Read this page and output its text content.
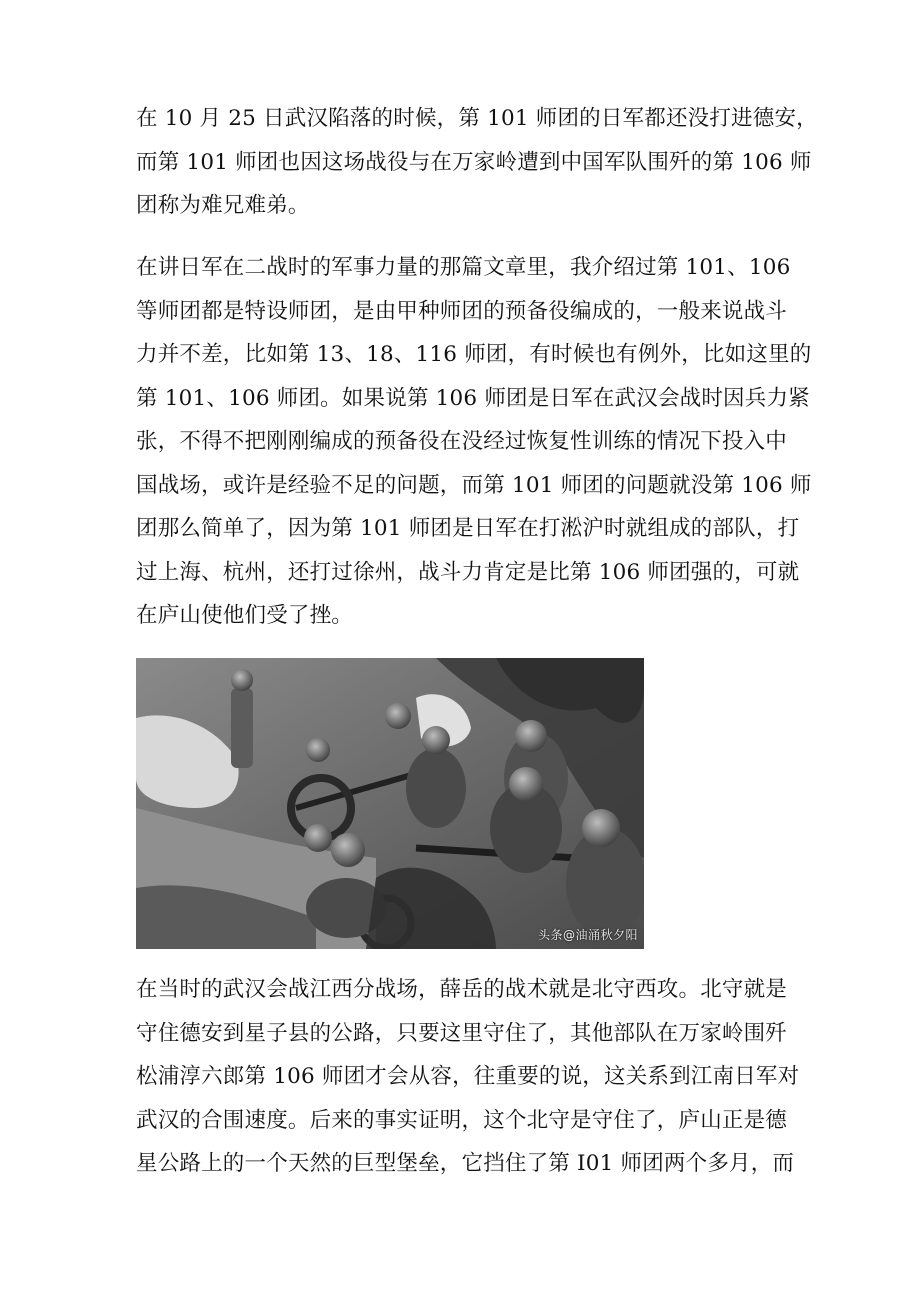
在 10 月 25 日武汉陷落的时候，第 101 师团的日军都还没打进德安，
而第 101 师团也因这场战役与在万家岭遭到中国军队围歼的第 106 师
团称为难兄难弟。
在讲日军在二战时的军事力量的那篇文章里，我介绍过第 101、106
等师团都是特设师团，是由甲种师团的预备役编成的，一般来说战斗
力并不差，比如第 13、18、116 师团，有时候也有例外，比如这里的
第 101、106 师团。如果说第 106 师团是日军在武汉会战时因兵力紧
张，不得不把刚刚编成的预备役在没经过恢复性训练的情况下投入中
国战场，或许是经验不足的问题，而第 101 师团的问题就没第 106 师
团那么简单了，因为第 101 师团是日军在打淞沪时就组成的部队，打
过上海、杭州，还打过徐州，战斗力肯定是比第 106 师团强的，可就
在庐山使他们受了挫。
头条@油涌秋夕阳
在当时的武汉会战江西分战场，薛岳的战术就是北守西攻。北守就是
守住德安到星子县的公路，只要这里守住了，其他部队在万家岭围歼
松浦淳六郎第 106 师团才会从容，往重要的说，这关系到江南日军对
武汉的合围速度。后来的事实证明，这个北守是守住了，庐山正是德
星公路上的一个天然的巨型堡垒，它挡住了第 I01 师团两个多月，而
